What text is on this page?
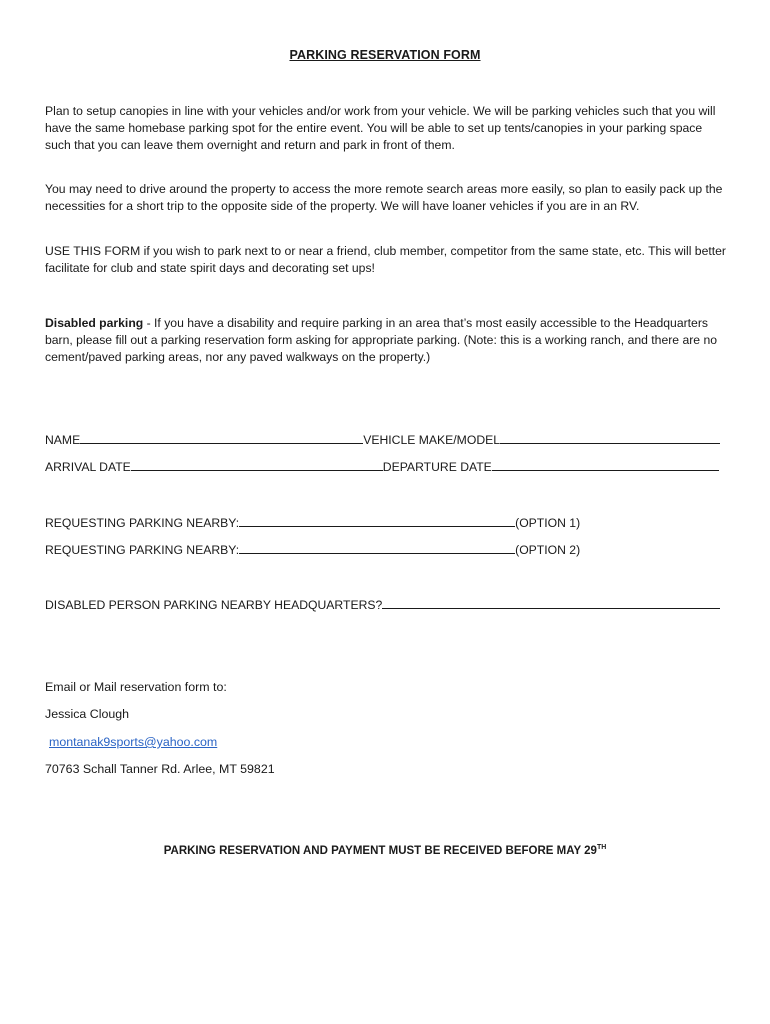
PARKING RESERVATION FORM

Plan to setup canopies in line with your vehicles and/or work from your vehicle. We will be parking vehicles such that you will have the same homebase parking spot for the entire event. You will be able to set up tents/canopies in your parking space such that you can leave them overnight and return and park in front of them.

You may need to drive around the property to access the more remote search areas more easily, so plan to easily pack up the necessities for a short trip to the opposite side of the property. We will have loaner vehicles if you are in an RV.

USE THIS FORM if you wish to park next to or near a friend, club member, competitor from the same state, etc. This will better facilitate for club and state spirit days and decorating set ups!

Disabled parking - If you have a disability and require parking in an area that’s most easily accessible to the Headquarters barn, please fill out a parking reservation form asking for appropriate parking. (Note: this is a working ranch, and there are no cement/paved parking areas, nor any paved walkways on the property.)

NAME	VEHICLE MAKE/MODEL
ARRIVAL DATE	DEPARTURE DATE
REQUESTING PARKING NEARBY:	(OPTION 1)
REQUESTING PARKING NEARBY:	(OPTION 2)
DISABLED PERSON PARKING NEARBY HEADQUARTERS?
Email or Mail reservation form to:
Jessica Clough
montanak9sports@yahoo.com
70763 Schall Tanner Rd. Arlee, MT 59821
PARKING RESERVATION AND PAYMENT MUST BE RECEIVED BEFORE MAY 29TH
